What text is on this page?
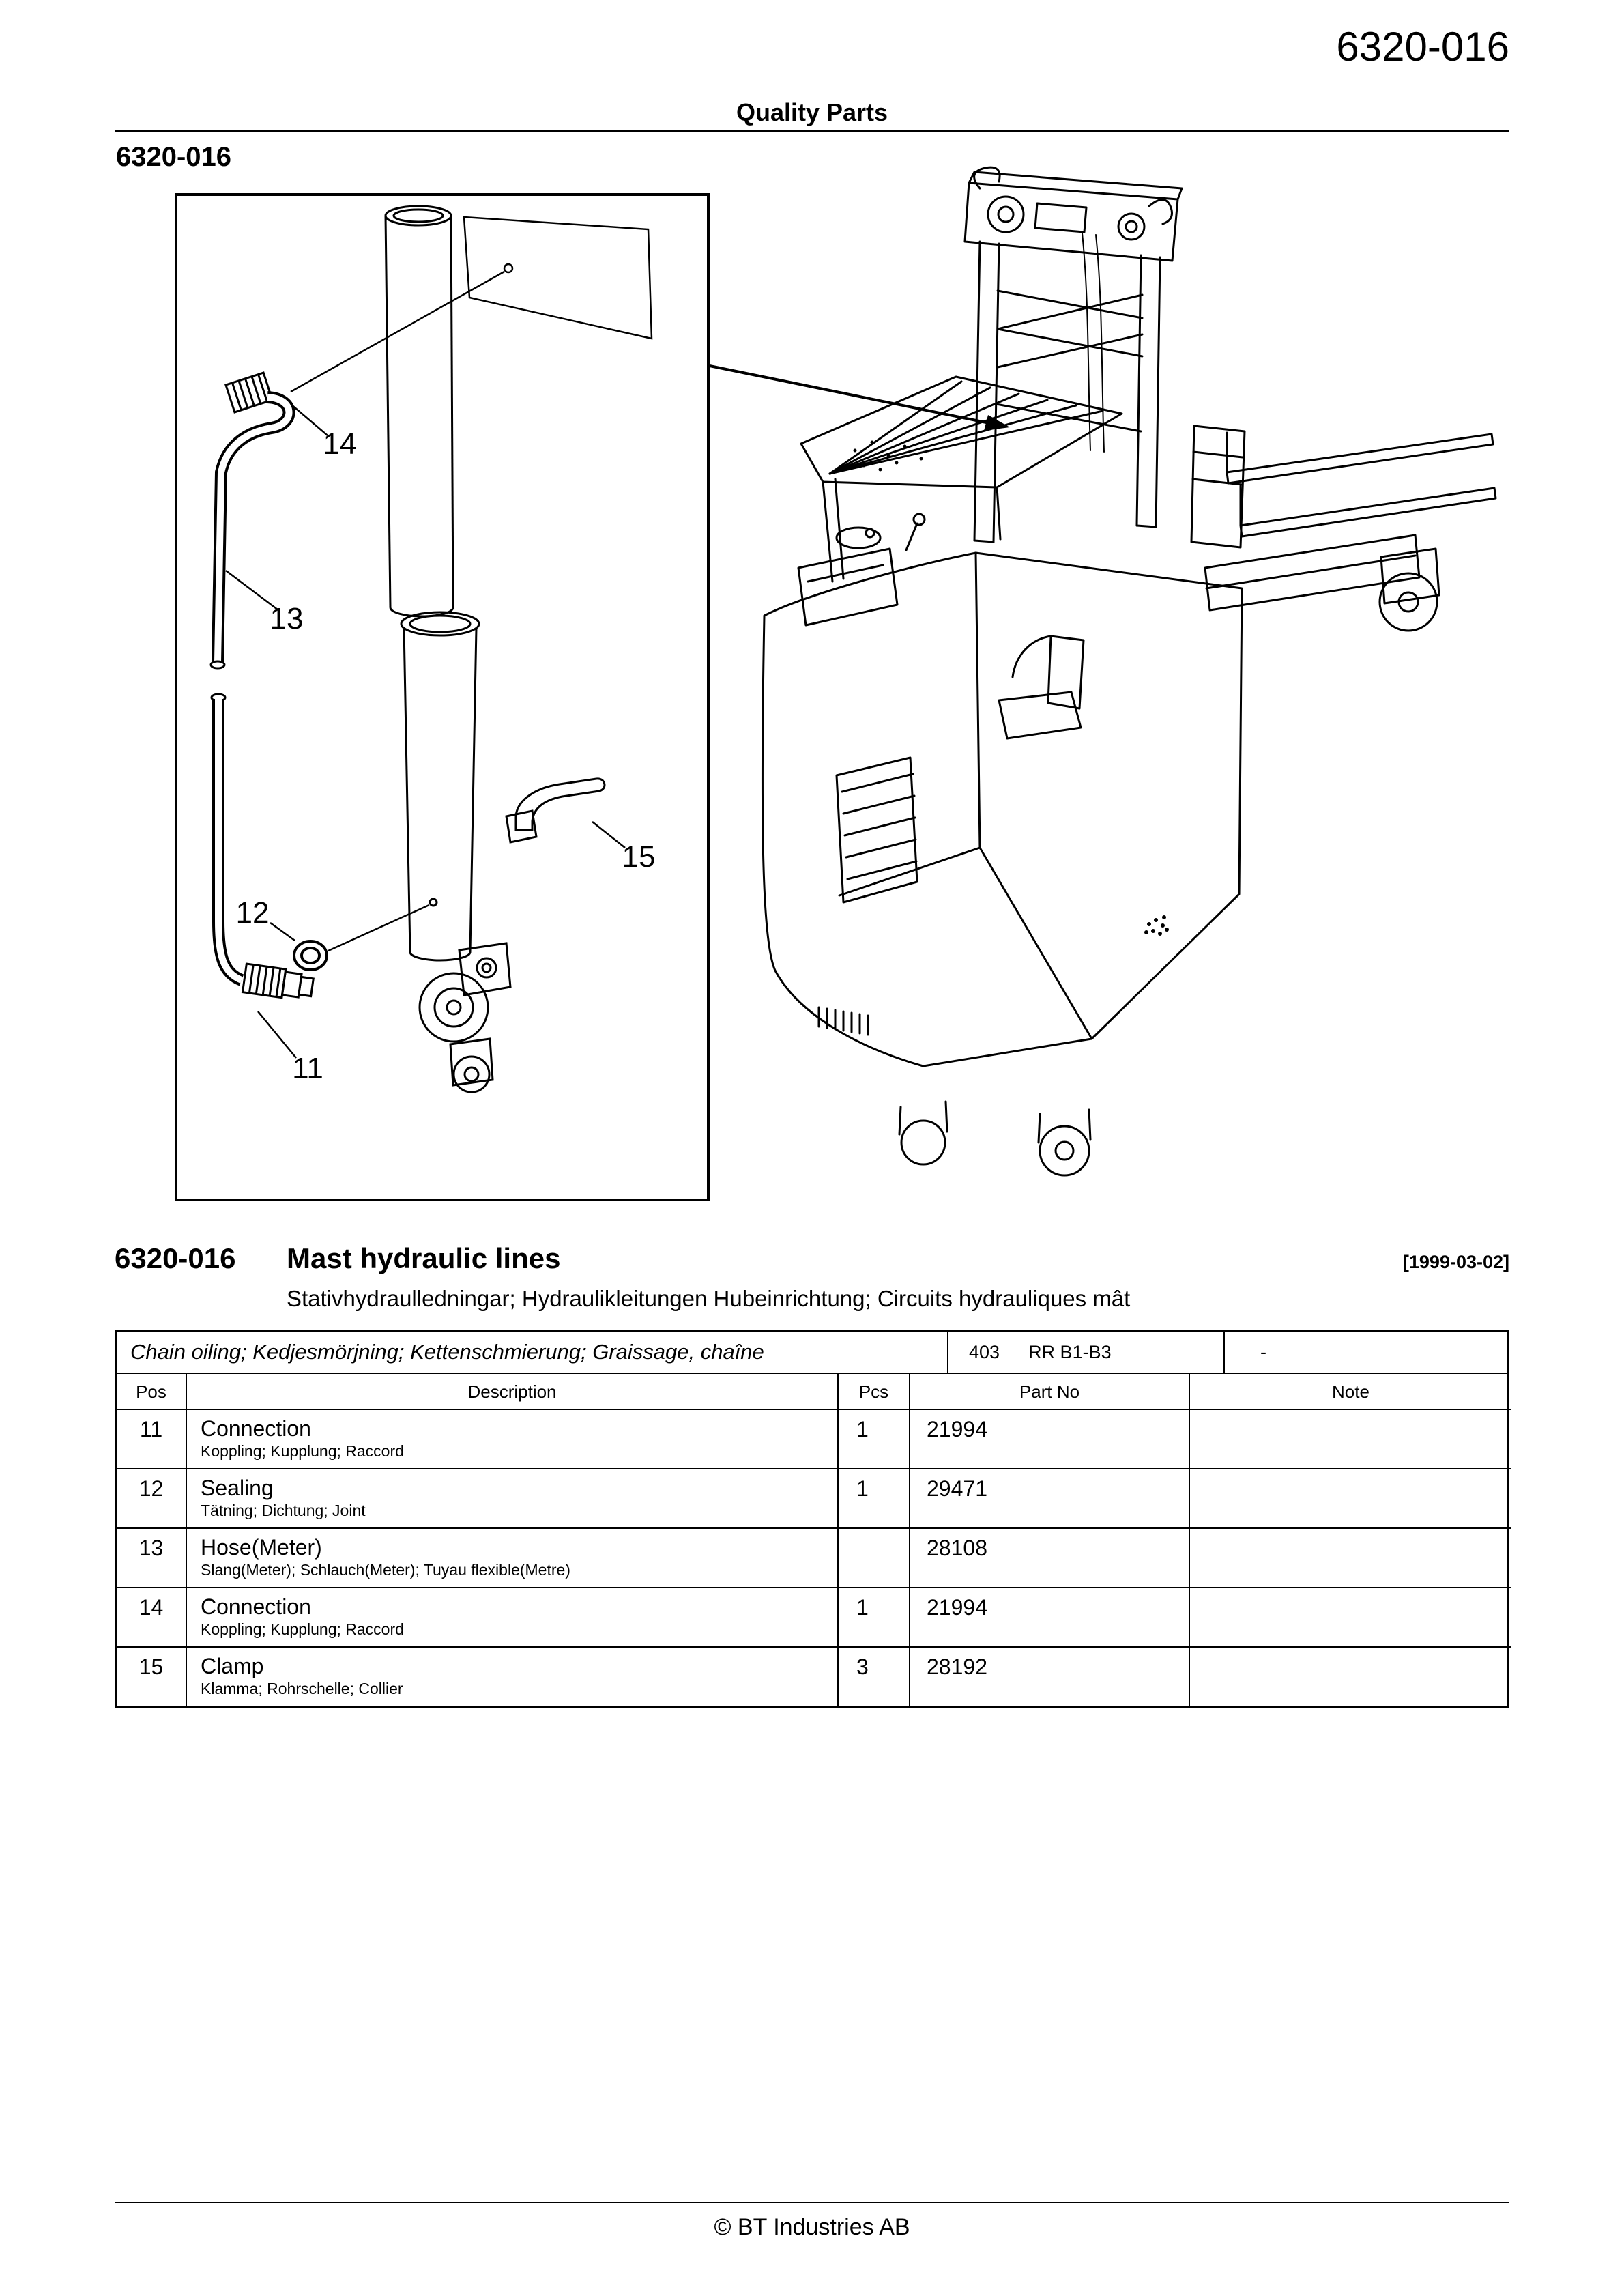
Quality Parts
6320-016
6320-016
14
13
15
12
11
6320-016	Mast hydraulic lines	[1999-03-02]
Stativhydraulledningar; Hydraulikleitungen Hubeinrichtung; Circuits hydrauliques mât
Chain oiling; Kedjesmörjning; Kettenschmierung; Graissage, chaîne	403 RR B1-B3	-
Pos	Description	Pcs	Part No	Note
11	Connection
Koppling; Kupplung; Raccord	1	21994	
12	Sealing
Tätning; Dichtung; Joint	1	29471	
13	Hose(Meter)
Slang(Meter); Schlauch(Meter); Tuyau flexible(Metre)		28108	
14	Connection
Koppling; Kupplung; Raccord	1	21994	
15	Clamp
Klamma; Rohrschelle; Collier	3	28192	
© BT Industries AB
